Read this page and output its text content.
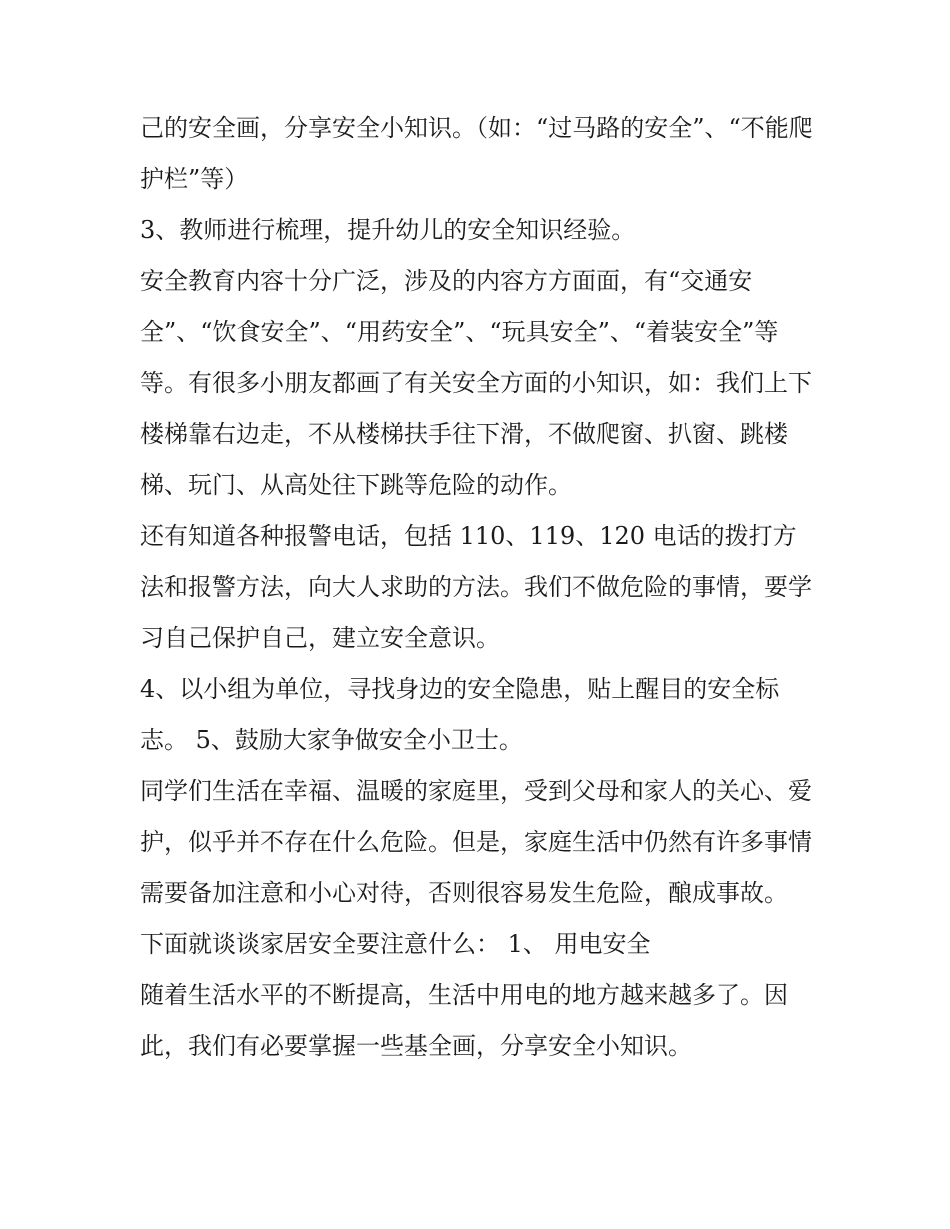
己的安全画，分享安全小知识。（如：“过马路的安全”、“不能爬护栏”等）

3、教师进行梳理，提升幼儿的安全知识经验。

安全教育内容十分广泛，涉及的内容方方面面，有“交通安全”、“饮食安全”、“用药安全”、“玩具安全”、“着装安全”等等。有很多小朋友都画了有关安全方面的小知识，如：我们上下楼梯靠右边走，不从楼梯扶手往下滑，不做爬窗、扒窗、跳楼梯、玩门、从高处往下跳等危险的动作。

还有知道各种报警电话，包括 110、119、120 电话的拨打方法和报警方法，向大人求助的方法。我们不做危险的事情，要学习自己保护自己，建立安全意识。

4、以小组为单位，寻找身边的安全隐患，贴上醒目的安全标志。 5、鼓励大家争做安全小卫士。

同学们生活在幸福、温暖的家庭里，受到父母和家人的关心、爱护，似乎并不存在什么危险。但是，家庭生活中仍然有许多事情需要备加注意和小心对待，否则很容易发生危险，酿成事故。

下面就谈谈家居安全要注意什么： 1、 用电安全

随着生活水平的不断提高，生活中用电的地方越来越多了。因此，我们有必要掌握一些基全画，分享安全小知识。
